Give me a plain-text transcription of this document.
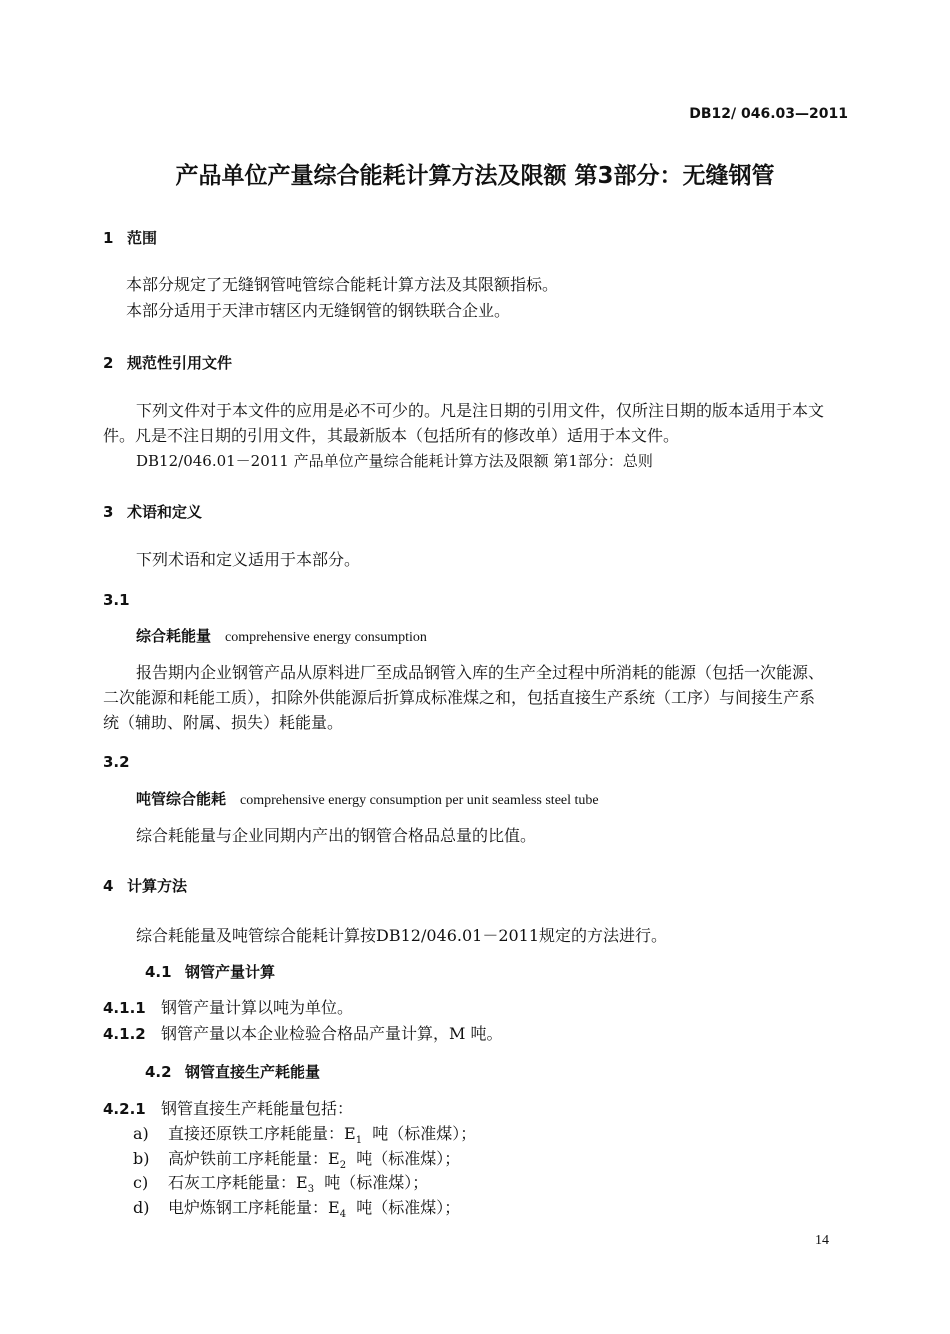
DB12/ 046.03—2011
产品单位产量综合能耗计算方法及限额 第3部分：无缝钢管
1 范围
本部分规定了无缝钢管吨管综合能耗计算方法及其限额指标。
本部分适用于天津市辖区内无缝钢管的钢铁联合企业。
2 规范性引用文件
下列文件对于本文件的应用是必不可少的。凡是注日期的引用文件，仅所注日期的版本适用于本文
件。凡是不注日期的引用文件，其最新版本（包括所有的修改单）适用于本文件。
DB12/046.01－2011 产品单位产量综合能耗计算方法及限额 第1部分：总则
3 术语和定义
下列术语和定义适用于本部分。
3.1
综合耗能量 comprehensive energy consumption
报告期内企业钢管产品从原料进厂至成品钢管入库的生产全过程中所消耗的能源（包括一次能源、
二次能源和耗能工质），扣除外供能源后折算成标准煤之和，包括直接生产系统（工序）与间接生产系
统（辅助、附属、损失）耗能量。
3.2
吨管综合能耗 comprehensive energy consumption per unit seamless steel tube
综合耗能量与企业同期内产出的钢管合格品总量的比值。
4 计算方法
综合耗能量及吨管综合能耗计算按DB12/046.01－2011规定的方法进行。
4.1 钢管产量计算
4.1.1 钢管产量计算以吨为单位。
4.1.2 钢管产量以本企业检验合格品产量计算，M 吨。
4.2 钢管直接生产耗能量
4.2.1 钢管直接生产耗能量包括：
a) 直接还原铁工序耗能量：$E_1$ 吨（标准煤）；
b) 高炉铁前工序耗能量：$E_2$ 吨（标准煤）；
c) 石灰工序耗能量：$E_3$ 吨（标准煤）；
d) 电炉炼钢工序耗能量：$E_4$ 吨（标准煤）；
14
